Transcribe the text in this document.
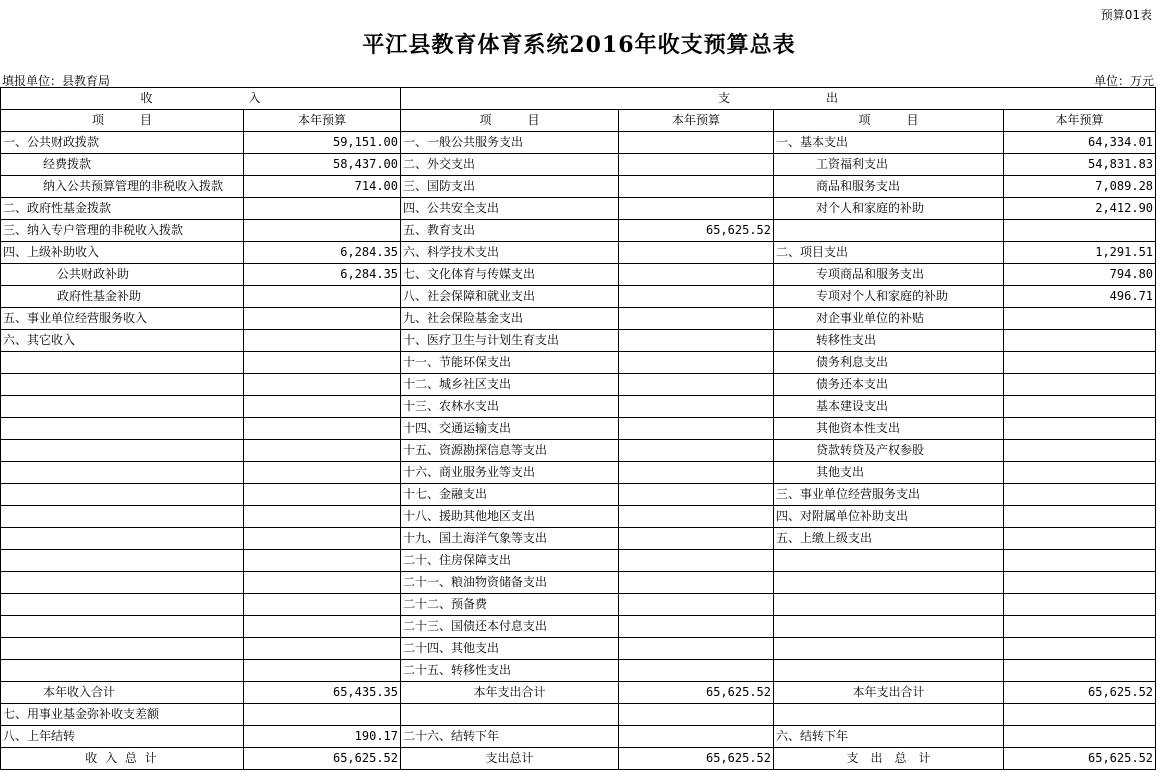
预算01表
平江县教育体育系统2016年收支预算总表
填报单位：县教育局	单位：万元
收　　　　　　　　入		支　　　　　　　　出			
项　　　目	本年预算	项　　　目	本年预算	项　　　目	本年预算
一、公共财政拨款	59,151.00	一、一般公共服务支出		一、基本支出	64,334.01
经费拨款	58,437.00	二、外交支出		工资福利支出	54,831.83
纳入公共预算管理的非税收入拨款	714.00	三、国防支出		商品和服务支出	7,089.28
二、政府性基金拨款		四、公共安全支出		对个人和家庭的补助	2,412.90
三、纳入专户管理的非税收入拨款		五、教育支出	65,625.52		
四、上级补助收入	6,284.35	六、科学技术支出		二、项目支出	1,291.51
公共财政补助	6,284.35	七、文化体育与传媒支出		专项商品和服务支出	794.80
政府性基金补助		八、社会保障和就业支出		专项对个人和家庭的补助	496.71
五、事业单位经营服务收入		九、社会保险基金支出		对企事业单位的补贴	
六、其它收入		十、医疗卫生与计划生育支出		转移性支出	
		十一、节能环保支出		债务利息支出	
		十二、城乡社区支出		债务还本支出	
		十三、农林水支出		基本建设支出	
		十四、交通运输支出		其他资本性支出	
		十五、资源勘探信息等支出		贷款转贷及产权参股	
		十六、商业服务业等支出		其他支出	
		十七、金融支出		三、事业单位经营服务支出	
		十八、援助其他地区支出		四、对附属单位补助支出	
		十九、国土海洋气象等支出		五、上缴上级支出	
		二十、住房保障支出			
		二十一、粮油物资储备支出			
		二十二、预备费			
		二十三、国债还本付息支出			
		二十四、其他支出			
		二十五、转移性支出			
本年收入合计	65,435.35	本年支出合计	65,625.52	本年支出合计	65,625.52
七、用事业基金弥补收支差额					
八、上年结转	190.17	二十六、结转下年		六、结转下年	
收 入 总 计	65,625.52	支出总计	65,625.52	支　出　总　计	65,625.52
